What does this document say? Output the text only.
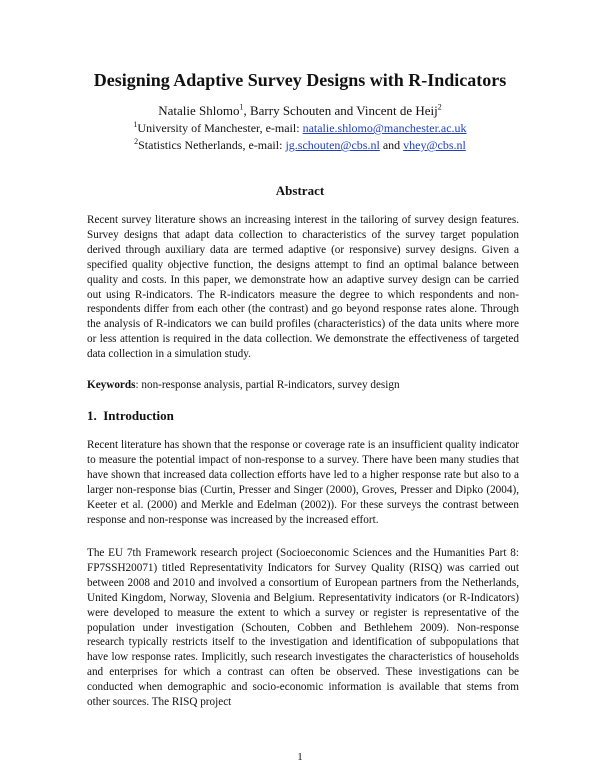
Designing Adaptive Survey Designs with R-Indicators
Natalie Shlomo$^1$, Barry Schouten and Vincent de Heij$^2$
$^1$University of Manchester, e-mail: natalie.shlomo@manchester.ac.uk
$^2$Statistics Netherlands, e-mail: jg.schouten@cbs.nl and vhey@cbs.nl
Abstract

Recent survey literature shows an increasing interest in the tailoring of survey design features. Survey designs that adapt data collection to characteristics of the survey target population derived through auxiliary data are termed adaptive (or responsive) survey designs. Given a specified quality objective function, the designs attempt to find an optimal balance between quality and costs. In this paper, we demonstrate how an adaptive survey design can be carried out using R-indicators. The R-indicators measure the degree to which respondents and non-respondents differ from each other (the contrast) and go beyond response rates alone. Through the analysis of R-indicators we can build profiles (characteristics) of the data units where more or less attention is required in the data collection. We demonstrate the effectiveness of targeted data collection in a simulation study.

Keywords: non-response analysis, partial R-indicators, survey design

1. Introduction

Recent literature has shown that the response or coverage rate is an insufficient quality indicator to measure the potential impact of non-response to a survey. There have been many studies that have shown that increased data collection efforts have led to a higher response rate but also to a larger non-response bias (Curtin, Presser and Singer (2000), Groves, Presser and Dipko (2004), Keeter et al. (2000) and Merkle and Edelman (2002)). For these surveys the contrast between response and non-response was increased by the increased effort.

The EU 7th Framework research project (Socioeconomic Sciences and the Humanities Part 8: FP7SSH20071) titled Representativity Indicators for Survey Quality (RISQ) was carried out between 2008 and 2010 and involved a consortium of European partners from the Netherlands, United Kingdom, Norway, Slovenia and Belgium. Representativity indicators (or R-Indicators) were developed to measure the extent to which a survey or register is representative of the population under investigation (Schouten, Cobben and Bethlehem 2009). Non-response research typically restricts itself to the investigation and identification of subpopulations that have low response rates. Implicitly, such research investigates the characteristics of households and enterprises for which a contrast can often be observed. These investigations can be conducted when demographic and socio-economic information is available that stems from other sources. The RISQ project

1
